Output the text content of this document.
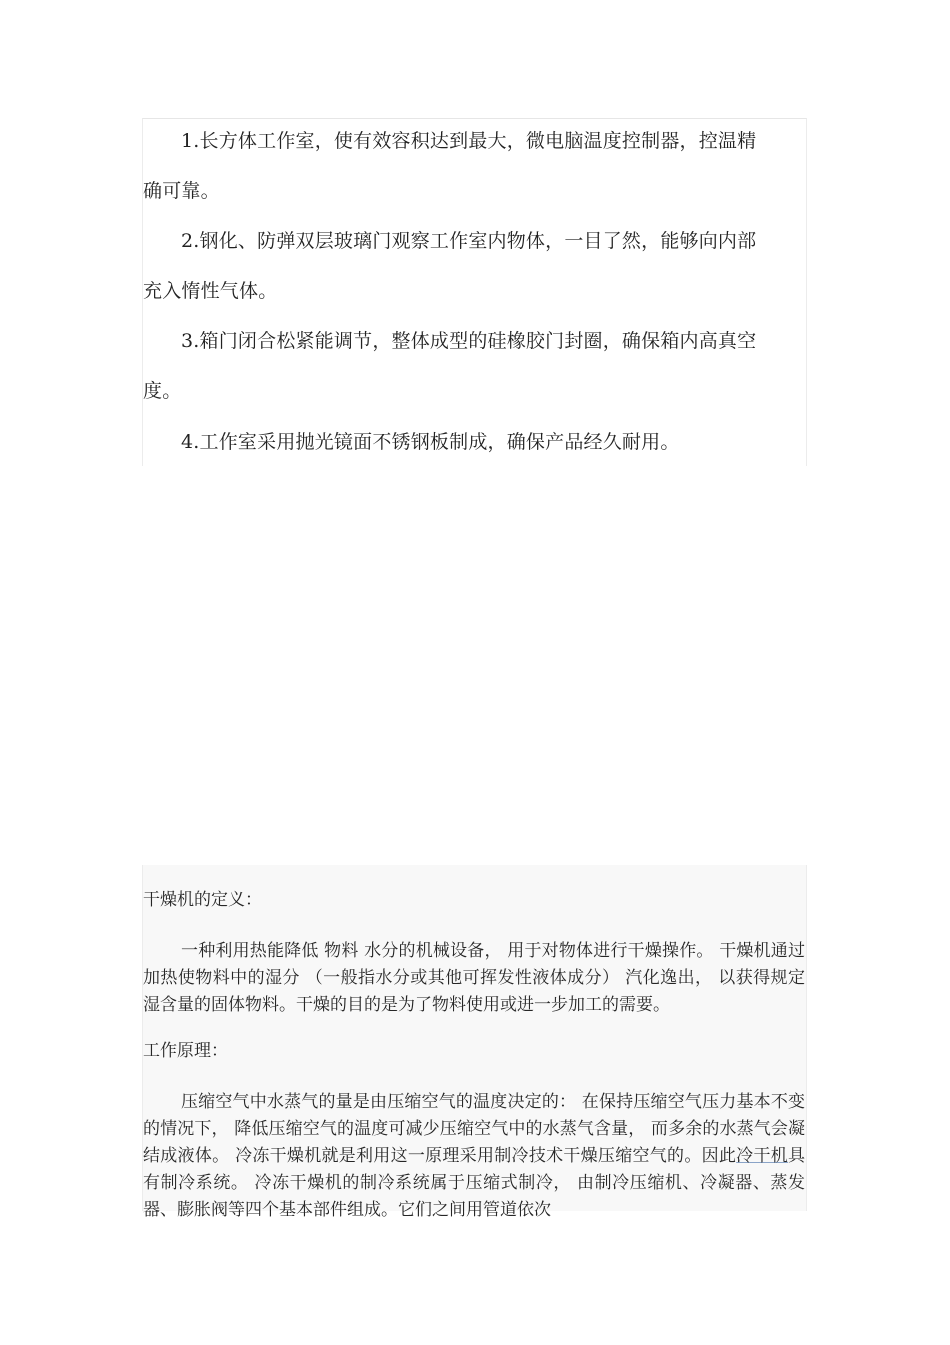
1.长方体工作室，使有效容积达到最大，微电脑温度控制器，控温精确可靠。

2.钢化、防弹双层玻璃门观察工作室内物体，一目了然，能够向内部充入惰性气体。

3.箱门闭合松紧能调节，整体成型的硅橡胶门封圈，确保箱内高真空度。

4.工作室采用抛光镜面不锈钢板制成，确保产品经久耐用。

干燥机的定义：

一种利用热能降低 物料 水分的机械设备， 用于对物体进行干燥操作。 干燥机通过加热使物料中的湿分 （一般指水分或其他可挥发性液体成分） 汽化逸出， 以获得规定湿含量的固体物料。干燥的目的是为了物料使用或进一步加工的需要。

工作原理：

压缩空气中水蒸气的量是由压缩空气的温度决定的： 在保持压缩空气压力基本不变的情况下， 降低压缩空气的温度可减少压缩空气中的水蒸气含量， 而多余的水蒸气会凝结成液体。 冷冻干燥机就是利用这一原理采用制冷技术干燥压缩空气的。因此冷干机具有制冷系统。 冷冻干燥机的制冷系统属于压缩式制冷， 由制冷压缩机、冷凝器、蒸发器、膨胀阀等四个基本部件组成。它们之间用管道依次
